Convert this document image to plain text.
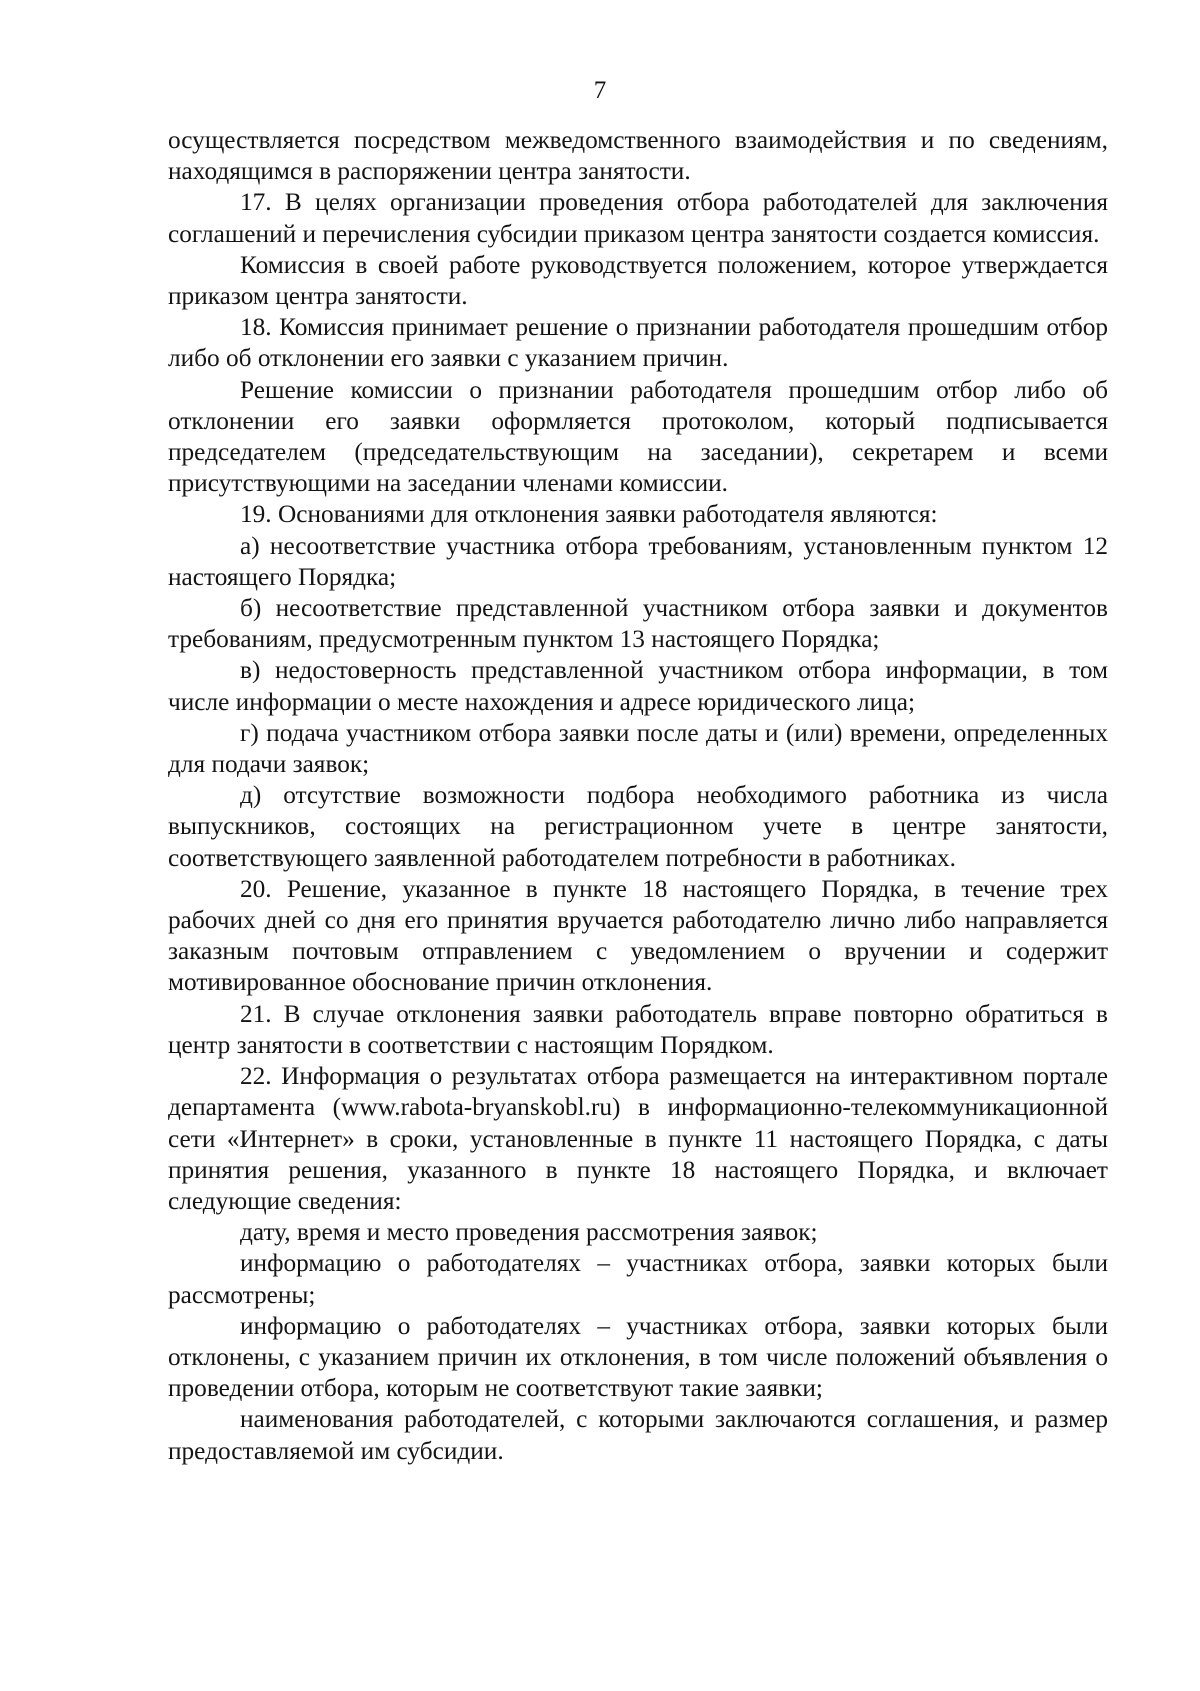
7

осуществляется посредством межведомственного взаимодействия и по сведениям, находящимся в распоряжении центра занятости.

17. В целях организации проведения отбора работодателей для заключения соглашений и перечисления субсидии приказом центра занятости создается комиссия.

Комиссия в своей работе руководствуется положением, которое утверждается приказом центра занятости.

18. Комиссия принимает решение о признании работодателя прошедшим отбор либо об отклонении его заявки с указанием причин.

Решение комиссии о признании работодателя прошедшим отбор либо об отклонении его заявки оформляется протоколом, который подписывается председателем (председательствующим на заседании), секретарем и всеми присутствующими на заседании членами комиссии.

19. Основаниями для отклонения заявки работодателя являются:

а) несоответствие участника отбора требованиям, установленным пунктом 12 настоящего Порядка;

б) несоответствие представленной участником отбора заявки и документов требованиям, предусмотренным пунктом 13 настоящего Порядка;

в) недостоверность представленной участником отбора информации, в том числе информации о месте нахождения и адресе юридического лица;

г) подача участником отбора заявки после даты и (или) времени, определенных для подачи заявок;

д) отсутствие возможности подбора необходимого работника из числа выпускников, состоящих на регистрационном учете в центре занятости, соответствующего заявленной работодателем потребности в работниках.

20. Решение, указанное в пункте 18 настоящего Порядка, в течение трех рабочих дней со дня его принятия вручается работодателю лично либо направляется заказным почтовым отправлением с уведомлением о вручении и содержит мотивированное обоснование причин отклонения.

21. В случае отклонения заявки работодатель вправе повторно обратиться в центр занятости в соответствии с настоящим Порядком.

22. Информация о результатах отбора размещается на интерактивном портале департамента (www.rabota-bryanskobl.ru) в информационно-телекоммуникационной сети «Интернет» в сроки, установленные в пункте 11 настоящего Порядка, с даты принятия решения, указанного в пункте 18 настоящего Порядка, и включает следующие сведения:

дату, время и место проведения рассмотрения заявок;

информацию о работодателях – участниках отбора, заявки которых были рассмотрены;

информацию о работодателях – участниках отбора, заявки которых были отклонены, с указанием причин их отклонения, в том числе положений объявления о проведении отбора, которым не соответствуют такие заявки;

наименования работодателей, с которыми заключаются соглашения, и размер предоставляемой им субсидии.
